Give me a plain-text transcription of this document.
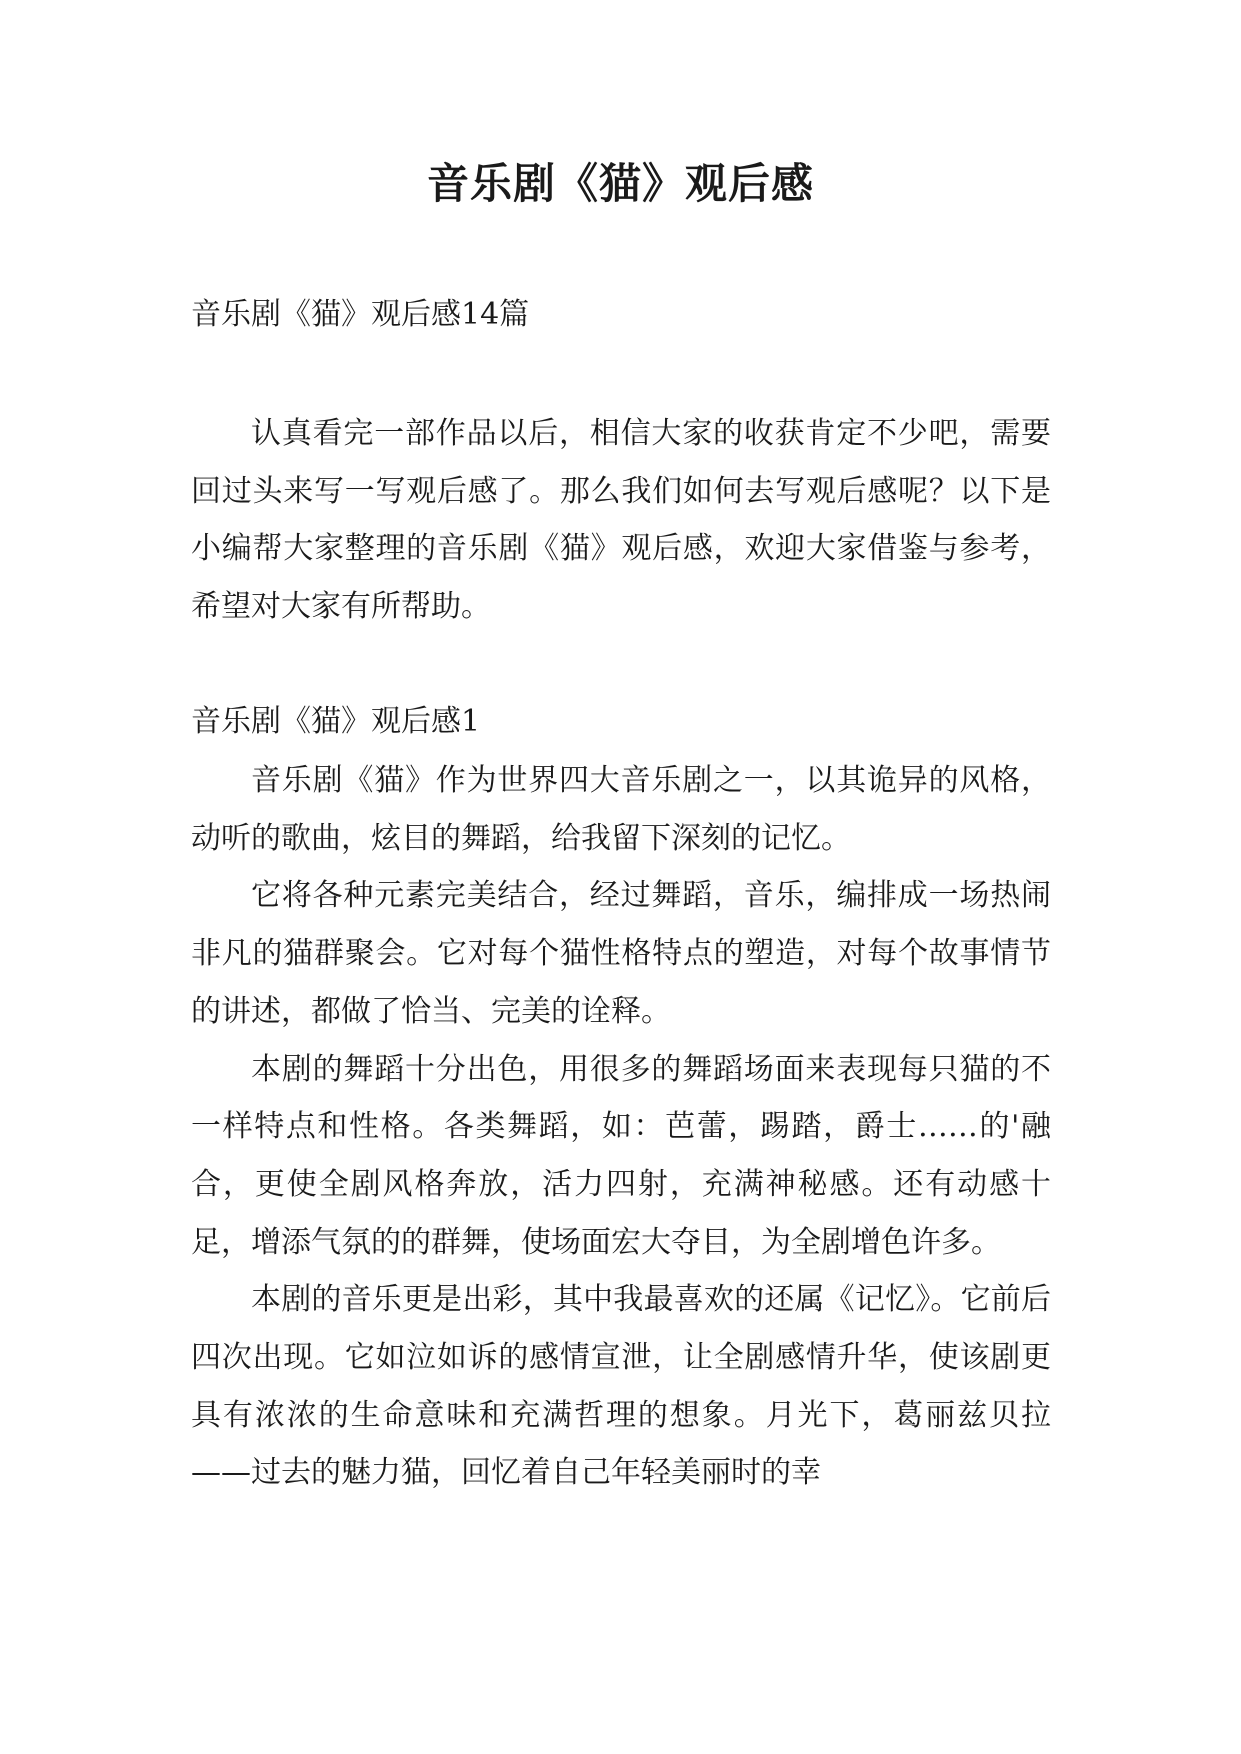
音乐剧《猫》观后感
音乐剧《猫》观后感14篇

认真看完一部作品以后，相信大家的收获肯定不少吧，需要回过头来写一写观后感了。那么我们如何去写观后感呢？以下是小编帮大家整理的音乐剧《猫》观后感，欢迎大家借鉴与参考，希望对大家有所帮助。

音乐剧《猫》观后感1

音乐剧《猫》作为世界四大音乐剧之一，以其诡异的风格，动听的歌曲，炫目的舞蹈，给我留下深刻的记忆。

它将各种元素完美结合，经过舞蹈，音乐，编排成一场热闹非凡的猫群聚会。它对每个猫性格特点的塑造，对每个故事情节的讲述，都做了恰当、完美的诠释。

本剧的舞蹈十分出色，用很多的舞蹈场面来表现每只猫的不一样特点和性格。各类舞蹈，如：芭蕾，踢踏，爵士……的'融合，更使全剧风格奔放，活力四射，充满神秘感。还有动感十足，增添气氛的的群舞，使场面宏大夺目，为全剧增色许多。

本剧的音乐更是出彩，其中我最喜欢的还属《记忆》。它前后四次出现。它如泣如诉的感情宣泄，让全剧感情升华，使该剧更具有浓浓的生命意味和充满哲理的想象。月光下，葛丽兹贝拉——过去的魅力猫，回忆着自己年轻美丽时的幸
